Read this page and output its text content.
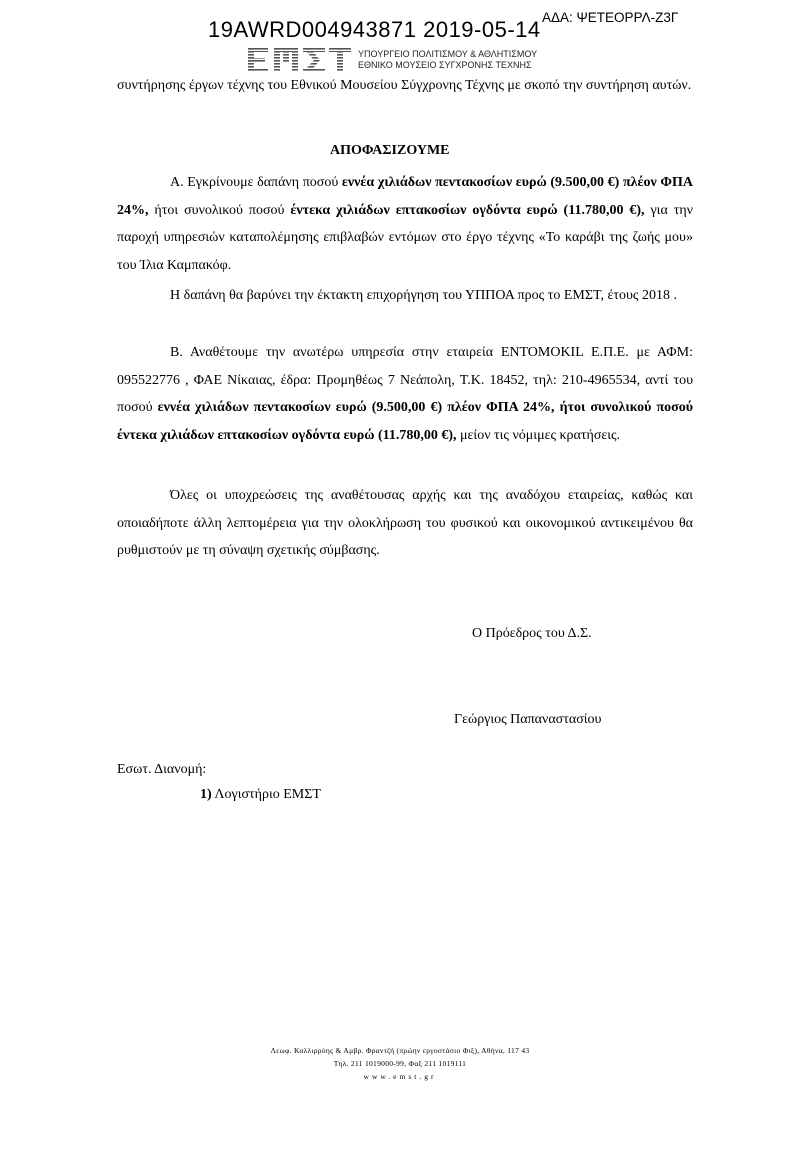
19AWRD004943871 2019-05-14 ΑΔΑ: ΨΕΤΕΟΡΡΛ-Ζ3Γ
ΥΠΟΥΡΓΕΙΟ ΠΟΛΙΤΙΣΜΟΥ & ΑΘΛΗΤΙΣΜΟΥ
ΕΘΝΙΚΟ ΜΟΥΣΕΙΟ ΣΥΓΧΡΟΝΗΣ ΤΕΧΝΗΣ
συντήρησης έργων τέχνης του Εθνικού Μουσείου Σύγχρονης Τέχνης με σκοπό την συντήρηση αυτών.
ΑΠΟΦΑΣΙΖΟΥΜΕ
Α. Εγκρίνουμε δαπάνη ποσού εννέα χιλιάδων πεντακοσίων ευρώ (9.500,00 €) πλέον ΦΠΑ 24%, ήτοι συνολικού ποσού έντεκα χιλιάδων επτακοσίων ογδόντα ευρώ (11.780,00 €), για την παροχή υπηρεσιών καταπολέμησης επιβλαβών εντόμων στο έργο τέχνης «Το καράβι της ζωής μου» του Ίλια Καμπακόφ.
Η δαπάνη θα βαρύνει την έκτακτη επιχορήγηση του ΥΠΠΟΑ προς το ΕΜΣΤ, έτους 2018 .
Β. Αναθέτουμε την ανωτέρω υπηρεσία στην εταιρεία ENTOMOKIL Ε.Π.Ε. με ΑΦΜ: 095522776 , ΦΑΕ Νίκαιας, έδρα: Προμηθέως 7 Νεάπολη, Τ.Κ. 18452, τηλ: 210-4965534, αντί του ποσού εννέα χιλιάδων πεντακοσίων ευρώ (9.500,00 €) πλέον ΦΠΑ 24%, ήτοι συνολικού ποσού έντεκα χιλιάδων επτακοσίων ογδόντα ευρώ (11.780,00 €), μείον τις νόμιμες κρατήσεις.
Όλες οι υποχρεώσεις της αναθέτουσας αρχής και της αναδόχου εταιρείας, καθώς και οποιαδήποτε άλλη λεπτομέρεια για την ολοκλήρωση του φυσικού και οικονομικού αντικειμένου θα ρυθμιστούν με τη σύναψη σχετικής σύμβασης.
Ο Πρόεδρος του Δ.Σ.
Γεώργιος Παπαναστασίου
Εσωτ. Διανομή:
1) Λογιστήριο ΕΜΣΤ
Λεωφ. Καλλιρρόης & Αμβρ. Φραντζή (πρώην εργοστάσιο Φιξ), Αθήνα, 117 43
Τηλ. 211 1019000-99, Φαξ 211 1019111
www.emst.gr
